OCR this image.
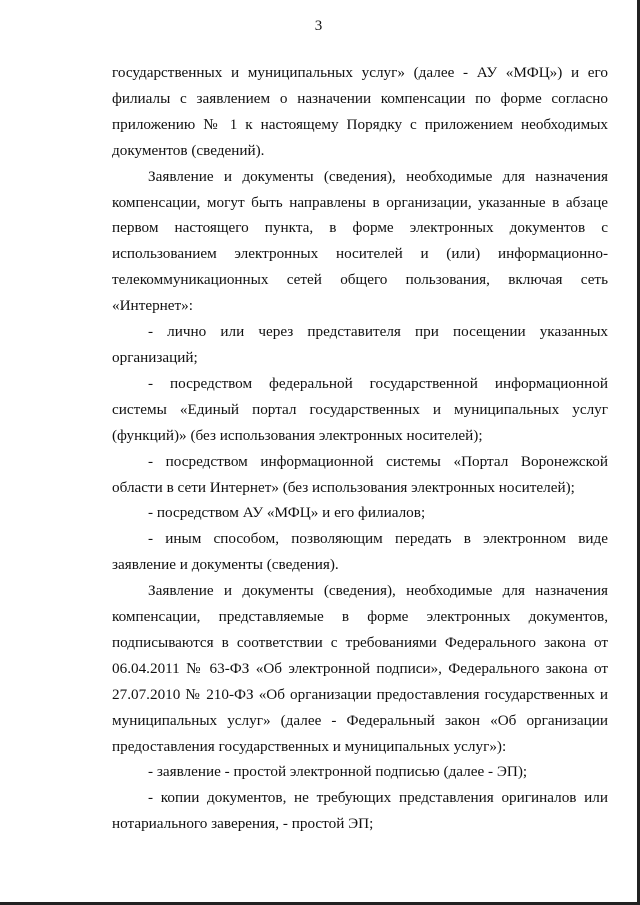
3

государственных и муниципальных услуг» (далее - АУ «МФЦ») и его филиалы с заявлением о назначении компенсации по форме согласно приложению № 1 к настоящему Порядку с приложением необходимых документов (сведений).

Заявление и документы (сведения), необходимые для назначения компенсации, могут быть направлены в организации, указанные в абзаце первом настоящего пункта, в форме электронных документов с использованием электронных носителей и (или) информационно-телекоммуникационных сетей общего пользования, включая сеть «Интернет»:

- лично или через представителя при посещении указанных организаций;

- посредством федеральной государственной информационной системы «Единый портал государственных и муниципальных услуг (функций)» (без использования электронных носителей);

- посредством информационной системы «Портал Воронежской области в сети Интернет» (без использования электронных носителей);

- посредством АУ «МФЦ» и его филиалов;

- иным способом, позволяющим передать в электронном виде заявление и документы (сведения).

Заявление и документы (сведения), необходимые для назначения компенсации, представляемые в форме электронных документов, подписываются в соответствии с требованиями Федерального закона от 06.04.2011 № 63-ФЗ «Об электронной подписи», Федерального закона от 27.07.2010 № 210-ФЗ «Об организации предоставления государственных и муниципальных услуг» (далее - Федеральный закон «Об организации предоставления государственных и муниципальных услуг»):

- заявление - простой электронной подписью (далее - ЭП);

- копии документов, не требующих представления оригиналов или нотариального заверения, - простой ЭП;
